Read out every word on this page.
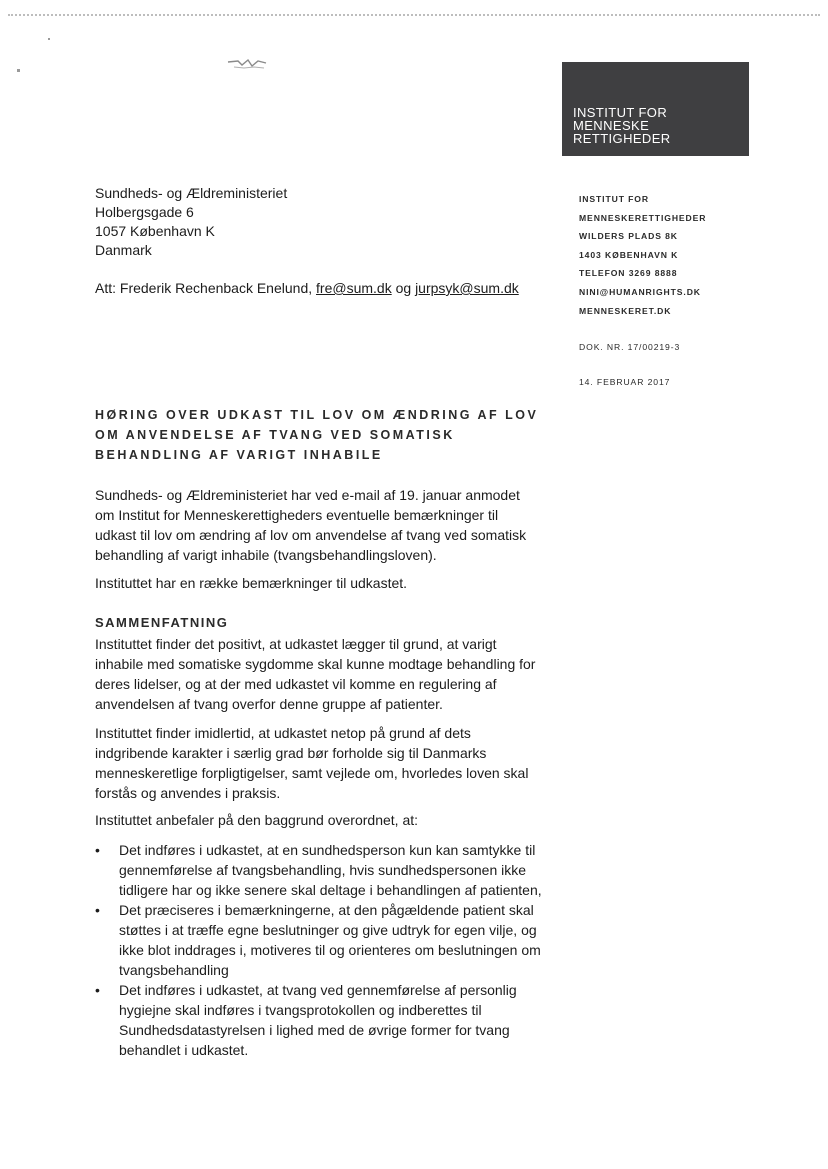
INSTITUT FOR
MENNESKE
RETTIGHEDER
Sundheds- og Ældreministeriet
Holbergsgade 6
1057 København K
Danmark
Att: Frederik Rechenback Enelund, fre@sum.dk og jurpsyk@sum.dk
INSTITUT FOR
MENNESKERETTIGHEDER
WILDERS PLADS 8K
1403 KØBENHAVN K
TELEFON 3269 8888
NINI@HUMANRIGHTS.DK
MENNESKERET.DK
DOK. NR. 17/00219-3
14. FEBRUAR 2017
HØRING OVER UDKAST TIL LOV OM ÆNDRING AF LOV
OM ANVENDELSE AF TVANG VED SOMATISK
BEHANDLING AF VARIGT INHABILE
Sundheds- og Ældreministeriet har ved e-mail af 19. januar anmodet
om Institut for Menneskerettigheders eventuelle bemærkninger til
udkast til lov om ændring af lov om anvendelse af tvang ved somatisk
behandling af varigt inhabile (tvangsbehandlingsloven).
Instituttet har en række bemærkninger til udkastet.
SAMMENFATNING
Instituttet finder det positivt, at udkastet lægger til grund, at varigt
inhabile med somatiske sygdomme skal kunne modtage behandling for
deres lidelser, og at der med udkastet vil komme en regulering af
anvendelsen af tvang overfor denne gruppe af patienter.
Instituttet finder imidlertid, at udkastet netop på grund af dets
indgribende karakter i særlig grad bør forholde sig til Danmarks
menneskeretlige forpligtigelser, samt vejlede om, hvorledes loven skal
forstås og anvendes i praksis.
Instituttet anbefaler på den baggrund overordnet, at:
• Det indføres i udkastet, at en sundhedsperson kun kan samtykke til
gennemførelse af tvangsbehandling, hvis sundhedspersonen ikke
tidligere har og ikke senere skal deltage i behandlingen af patienten,
• Det præciseres i bemærkningerne, at den pågældende patient skal
støttes i at træffe egne beslutninger og give udtryk for egen vilje, og
ikke blot inddrages i, motiveres til og orienteres om beslutningen om
tvangsbehandling
• Det indføres i udkastet, at tvang ved gennemførelse af personlig
hygiejne skal indføres i tvangsprotokollen og indberettes til
Sundhedsdatastyrelsen i lighed med de øvrige former for tvang
behandlet i udkastet.
